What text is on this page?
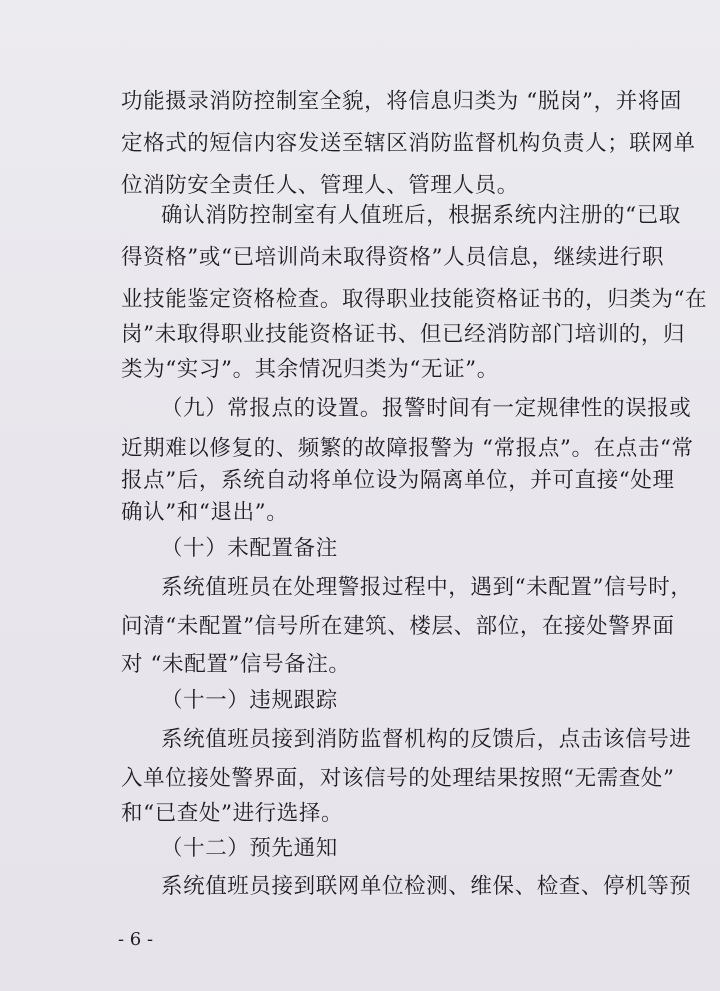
功能摄录消防控制室全貌，将信息归类为 “脱岗”，并将固
定格式的短信内容发送至辖区消防监督机构负责人；联网单
位消防安全责任人、管理人、管理人员。
确认消防控制室有人值班后，根据系统内注册的“已取
得资格”或“已培训尚未取得资格”人员信息，继续进行职
业技能鉴定资格检查。取得职业技能资格证书的，归类为“在
岗”未取得职业技能资格证书、但已经消防部门培训的，归
类为“实习”。其余情况归类为“无证”。
（九）常报点的设置。报警时间有一定规律性的误报或
近期难以修复的、频繁的故障报警为 “常报点”。在点击“常
报点”后，系统自动将单位设为隔离单位，并可直接“处理
确认”和“退出”。
（十）未配置备注
系统值班员在处理警报过程中，遇到“未配置”信号时，
问清“未配置”信号所在建筑、楼层、部位，在接处警界面
对 “未配置”信号备注。
（十一）违规跟踪
系统值班员接到消防监督机构的反馈后，点击该信号进
入单位接处警界面，对该信号的处理结果按照“无需查处”
和“已查处”进行选择。
（十二）预先通知
系统值班员接到联网单位检测、维保、检查、停机等预
- 6 -
